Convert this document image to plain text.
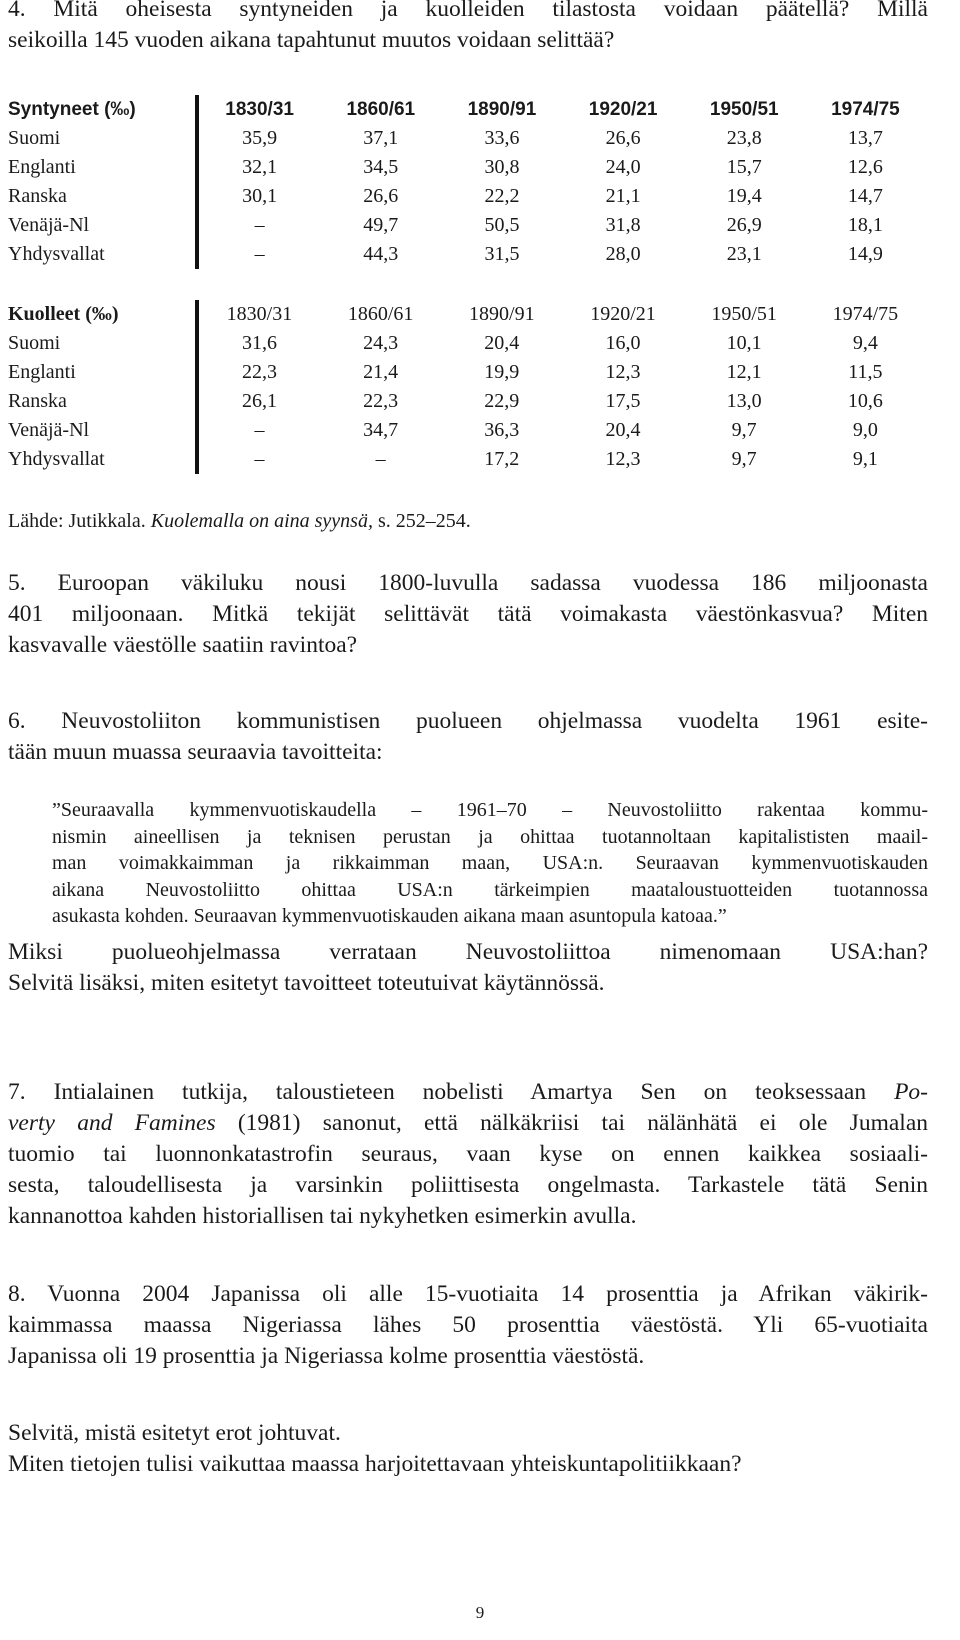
4. Mitä oheisesta syntyneiden ja kuolleiden tilastosta voidaan päätellä? Millä
seikoilla 145 vuoden aikana tapahtunut muutos voidaan selittää?
Syntyneet (‰)	1830/31	1860/61	1890/91	1920/21	1950/51	1974/75
Suomi	35,9	37,1	33,6	26,6	23,8	13,7
Englanti	32,1	34,5	30,8	24,0	15,7	12,6
Ranska	30,1	26,6	22,2	21,1	19,4	14,7
Venäjä-Nl	–	49,7	50,5	31,8	26,9	18,1
Yhdysvallat	–	44,3	31,5	28,0	23,1	14,9
Kuolleet (‰)	1830/31	1860/61	1890/91	1920/21	1950/51	1974/75
Suomi	31,6	24,3	20,4	16,0	10,1	9,4
Englanti	22,3	21,4	19,9	12,3	12,1	11,5
Ranska	26,1	22,3	22,9	17,5	13,0	10,6
Venäjä-Nl	–	34,7	36,3	20,4	9,7	9,0
Yhdysvallat	–	–	17,2	12,3	9,7	9,1
Lähde: Jutikkala. Kuolemalla on aina syynsä, s. 252–254.
5. Euroopan väkiluku nousi 1800-luvulla sadassa vuodessa 186 miljoonasta
401 miljoonaan. Mitkä tekijät selittävät tätä voimakasta väestönkasvua? Miten
kasvavalle väestölle saatiin ravintoa?
6. Neuvostoliiton kommunistisen puolueen ohjelmassa vuodelta 1961 esite-
tään muun muassa seuraavia tavoitteita:
”Seuraavalla kymmenvuotiskaudella – 1961–70 – Neuvostoliitto rakentaa kommu-
nismin aineellisen ja teknisen perustan ja ohittaa tuotannoltaan kapitalististen maail-
man voimakkaimman ja rikkaimman maan, USA:n. Seuraavan kymmenvuotiskauden
aikana Neuvostoliitto ohittaa USA:n tärkeimpien maataloustuotteiden tuotannossa
asukasta kohden. Seuraavan kymmenvuotiskauden aikana maan asuntopula katoaa.”
Miksi puolueohjelmassa verrataan Neuvostoliittoa nimenomaan USA:han?
Selvitä lisäksi, miten esitetyt tavoitteet toteutuivat käytännössä.
7. Intialainen tutkija, taloustieteen nobelisti Amartya Sen on teoksessaan Po-
verty and Famines (1981) sanonut, että nälkäkriisi tai nälänhätä ei ole Jumalan
tuomio tai luonnonkatastrofin seuraus, vaan kyse on ennen kaikkea sosiaali-
sesta, taloudellisesta ja varsinkin poliittisesta ongelmasta. Tarkastele tätä Senin
kannanottoa kahden historiallisen tai nykyhetken esimerkin avulla.
8. Vuonna 2004 Japanissa oli alle 15-vuotiaita 14 prosenttia ja Afrikan väkirik-
kaimmassa maassa Nigeriassa lähes 50 prosenttia väestöstä. Yli 65-vuotiaita
Japanissa oli 19 prosenttia ja Nigeriassa kolme prosenttia väestöstä.
Selvitä, mistä esitetyt erot johtuvat.
Miten tietojen tulisi vaikuttaa maassa harjoitettavaan yhteiskuntapolitiikkaan?
9
